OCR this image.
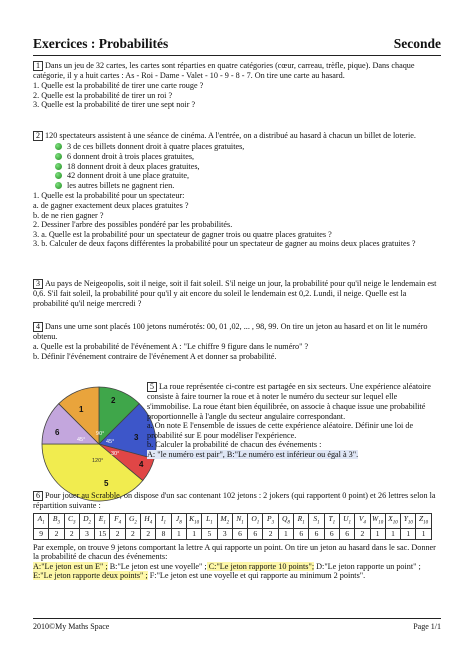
Exercices : Probabilités	Seconde
1 Dans un jeu de 32 cartes, les cartes sont réparties en quatre catégories (cœur, carreau, trèfle, pique). Dans chaque catégorie, il y a huit cartes : As - Roi - Dame - Valet - 10 - 9 - 8 - 7. On tire une carte au hasard.
1. Quelle est la probabilité de tirer une carte rouge ?
2. Quelle est la probabilité de tirer un roi ?
3. Quelle est la probabilité de tirer une sept noir ?
2 120 spectateurs assistent à une séance de cinéma. A l'entrée, on a distribué au hasard à chacun un billet de loterie.
3 de ces billets donnent droit à quatre places gratuites,
6 donnent droit à trois places gratuites,
18 donnent droit à deux places gratuites,
42 donnent droit à une place gratuite,
les autres billets ne gagnent rien.
1. Quelle est la probabilité pour un spectateur:
a. de gagner exactement deux places gratuites ?
b. de ne rien gagner ?
2. Dessiner l'arbre des possibles pondéré par les probabilités.
3. a. Quelle est la probabilité pour un spectateur de gagner trois ou quatre places gratuites ?
3. b. Calculer de deux façons différentes la probabilité pour un spectateur de gagner au moins deux places gratuites ?
3 Au pays de Neigeopolis, soit il neige, soit il fait soleil. S'il neige un jour, la probabilité pour qu'il neige le lendemain est 0,6. S'il fait soleil, la probabilité pour qu'il y ait encore du soleil le lendemain est 0,2. Lundi, il neige. Quelle est la probabilité qu'il neige mercredi ?
4 Dans une urne sont placés 100 jetons numérotés: 00, 01 ,02, ... , 98, 99. On tire un jeton au hasard et on lit le numéro obtenu.
a. Quelle est la probabilité de l'événement A : "Le chiffre 9 figure dans le numéro" ?
b. Définir l'événement contraire de l'événement A et donner sa probabilité.
1
2
3
4
5
6
45°
90°
45°
30°
120°
5 La roue représentée ci-contre est partagée en six secteurs. Une expérience aléatoire consiste à faire tourner la roue et à noter le numéro du secteur sur lequel elle s'immobilise. La roue étant bien équilibrée, on associe à chaque issue une probabilité proportionnelle à l'angle du secteur angulaire correspondant.
a. On note E l'ensemble de issues de cette expérience aléatoire. Définir une loi de probabilité sur E pour modéliser l'expérience.
b. Calculer la probabilité de chacun des événements :
A: "le numéro est pair", B:"Le numéro est inférieur ou égal à 3".
6 Pour jouer au Scrabble, on dispose d'un sac contenant 102 jetons : 2 jokers (qui rapportent 0 point) et 26 lettres selon la répartition suivante :
$A_1$	$B_3$	$C_3$	$D_2$	$E_1$	$F_4$	$G_2$	$H_4$	$I_1$	$J_8$	$K_{10}$	$L_1$	$M_2$	$N_1$	$O_1$	$P_3$	$Q_8$	$R_1$	$S_1$	$T_1$	$U_1$	$V_4$	$W_{10}$	$X_{10}$	$Y_{10}$	$Z_{10}$
9	2	2	3	15	2	2	2	8	1	1	5	3	6	6	2	1	6	6	6	6	2	1	1	1	1
Par exemple, on trouve 9 jetons comportant la lettre A qui rapporte un point. On tire un jeton au hasard dans le sac. Donner la probabilité de chacun des événements:
A:"Le jeton est un E" ; B:"Le jeton est une voyelle" ; C:"Le jeton rapporte 10 points"; D:"Le jeton rapporte un point" ; E:"Le jeton rapporte deux points" ; F:"Le jeton est une voyelle et qui rapporte au minimum 2 points".
2010©My Maths Space	Page 1/1
